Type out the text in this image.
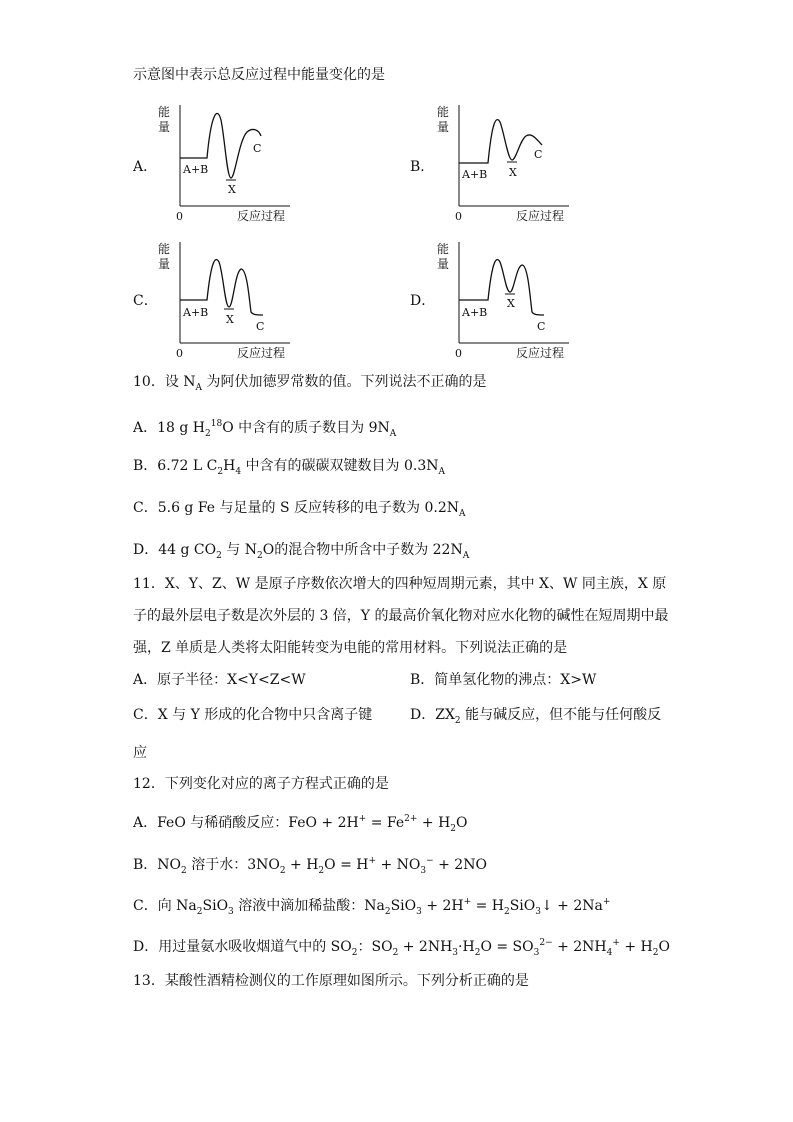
示意图中表示总反应过程中能量变化的是
A．	B．
C．	D．
能
量
0	反应过程
A+B
X
C
能
量
0	反应过程
A+B X
C
能
量
0	反应过程
A+B
X
C
能
量
0	反应过程
A+B
X
C
10．设 $N_A$ 为阿伏加德罗常数的值。下列说法不正确的是
A．18 g $H_2^{18}O$ 中含有的质子数目为 $9N_A$
B．6.72 L $C_2H_4$ 中含有的碳碳双键数目为 $0.3N_A$
C．5.6 g Fe 与足量的 S 反应转移的电子数为 $0.2N_A$
D．44 g $CO_2$ 与 $N_2O$的混合物中所含中子数为 $22N_A$
11．X、Y、Z、W 是原子序数依次增大的四种短周期元素，其中 X、W 同主族，X 原
子的最外层电子数是次外层的 3 倍，Y 的最高价氧化物对应水化物的碱性在短周期中最
强，Z 单质是人类将太阳能转变为电能的常用材料。下列说法正确的是
A．原子半径：X<Y<Z<W	B．简单氢化物的沸点：X>W
C．X 与 Y 形成的化合物中只含离子键	D．$ZX_2$ 能与碱反应，但不能与任何酸反
应
12．下列变化对应的离子方程式正确的是
A．FeO 与稀硝酸反应：FeO + $2H^+ = Fe^{2+} + H_2O$
B．$NO_2$ 溶于水：$3NO_2 + H_2O = H^+ + NO_3^- + 2NO$
C．向 $Na_2SiO_3$ 溶液中滴加稀盐酸：$Na_2SiO_3 + 2H^+$ = $H_2SiO_3↓ + 2Na^+$
D．用过量氨水吸收烟道气中的 $SO_2$：$SO_2 + 2NH_3\cdot H_2O = SO_3^{2-} + 2NH_4^+ + H_2O$
13．某酸性酒精检测仪的工作原理如图所示。下列分析正确的是
